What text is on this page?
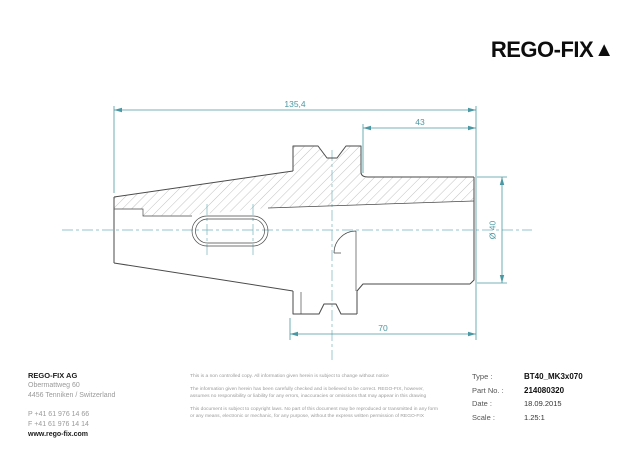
135,4
43
70
Ø 40
REGO-FIX ▲
REGO-FIX AG
Obermattweg 60
4456 Tenniken / Switzerland
P +41 61 976 14 66
F +41 61 976 14 14
www.rego-fix.com

This is a non controlled copy. All information given herein is subject to change without notice

The information given herein has been carefully checked and is believed to be correct. REGO-FIX, however, assumes no responsibility or liability for any errors, inaccuracies or omissions that may appear in this drawing

This document is subject to copyright laws. No part of this document may be reproduced or transmitted in any form or any means, electronic or mechanic, for any purpose, without the express written permission of REGO-FIX

Type :	BT40_MK3x070
Part No. :	214080320
Date :	18.09.2015
Scale :	1.25:1
